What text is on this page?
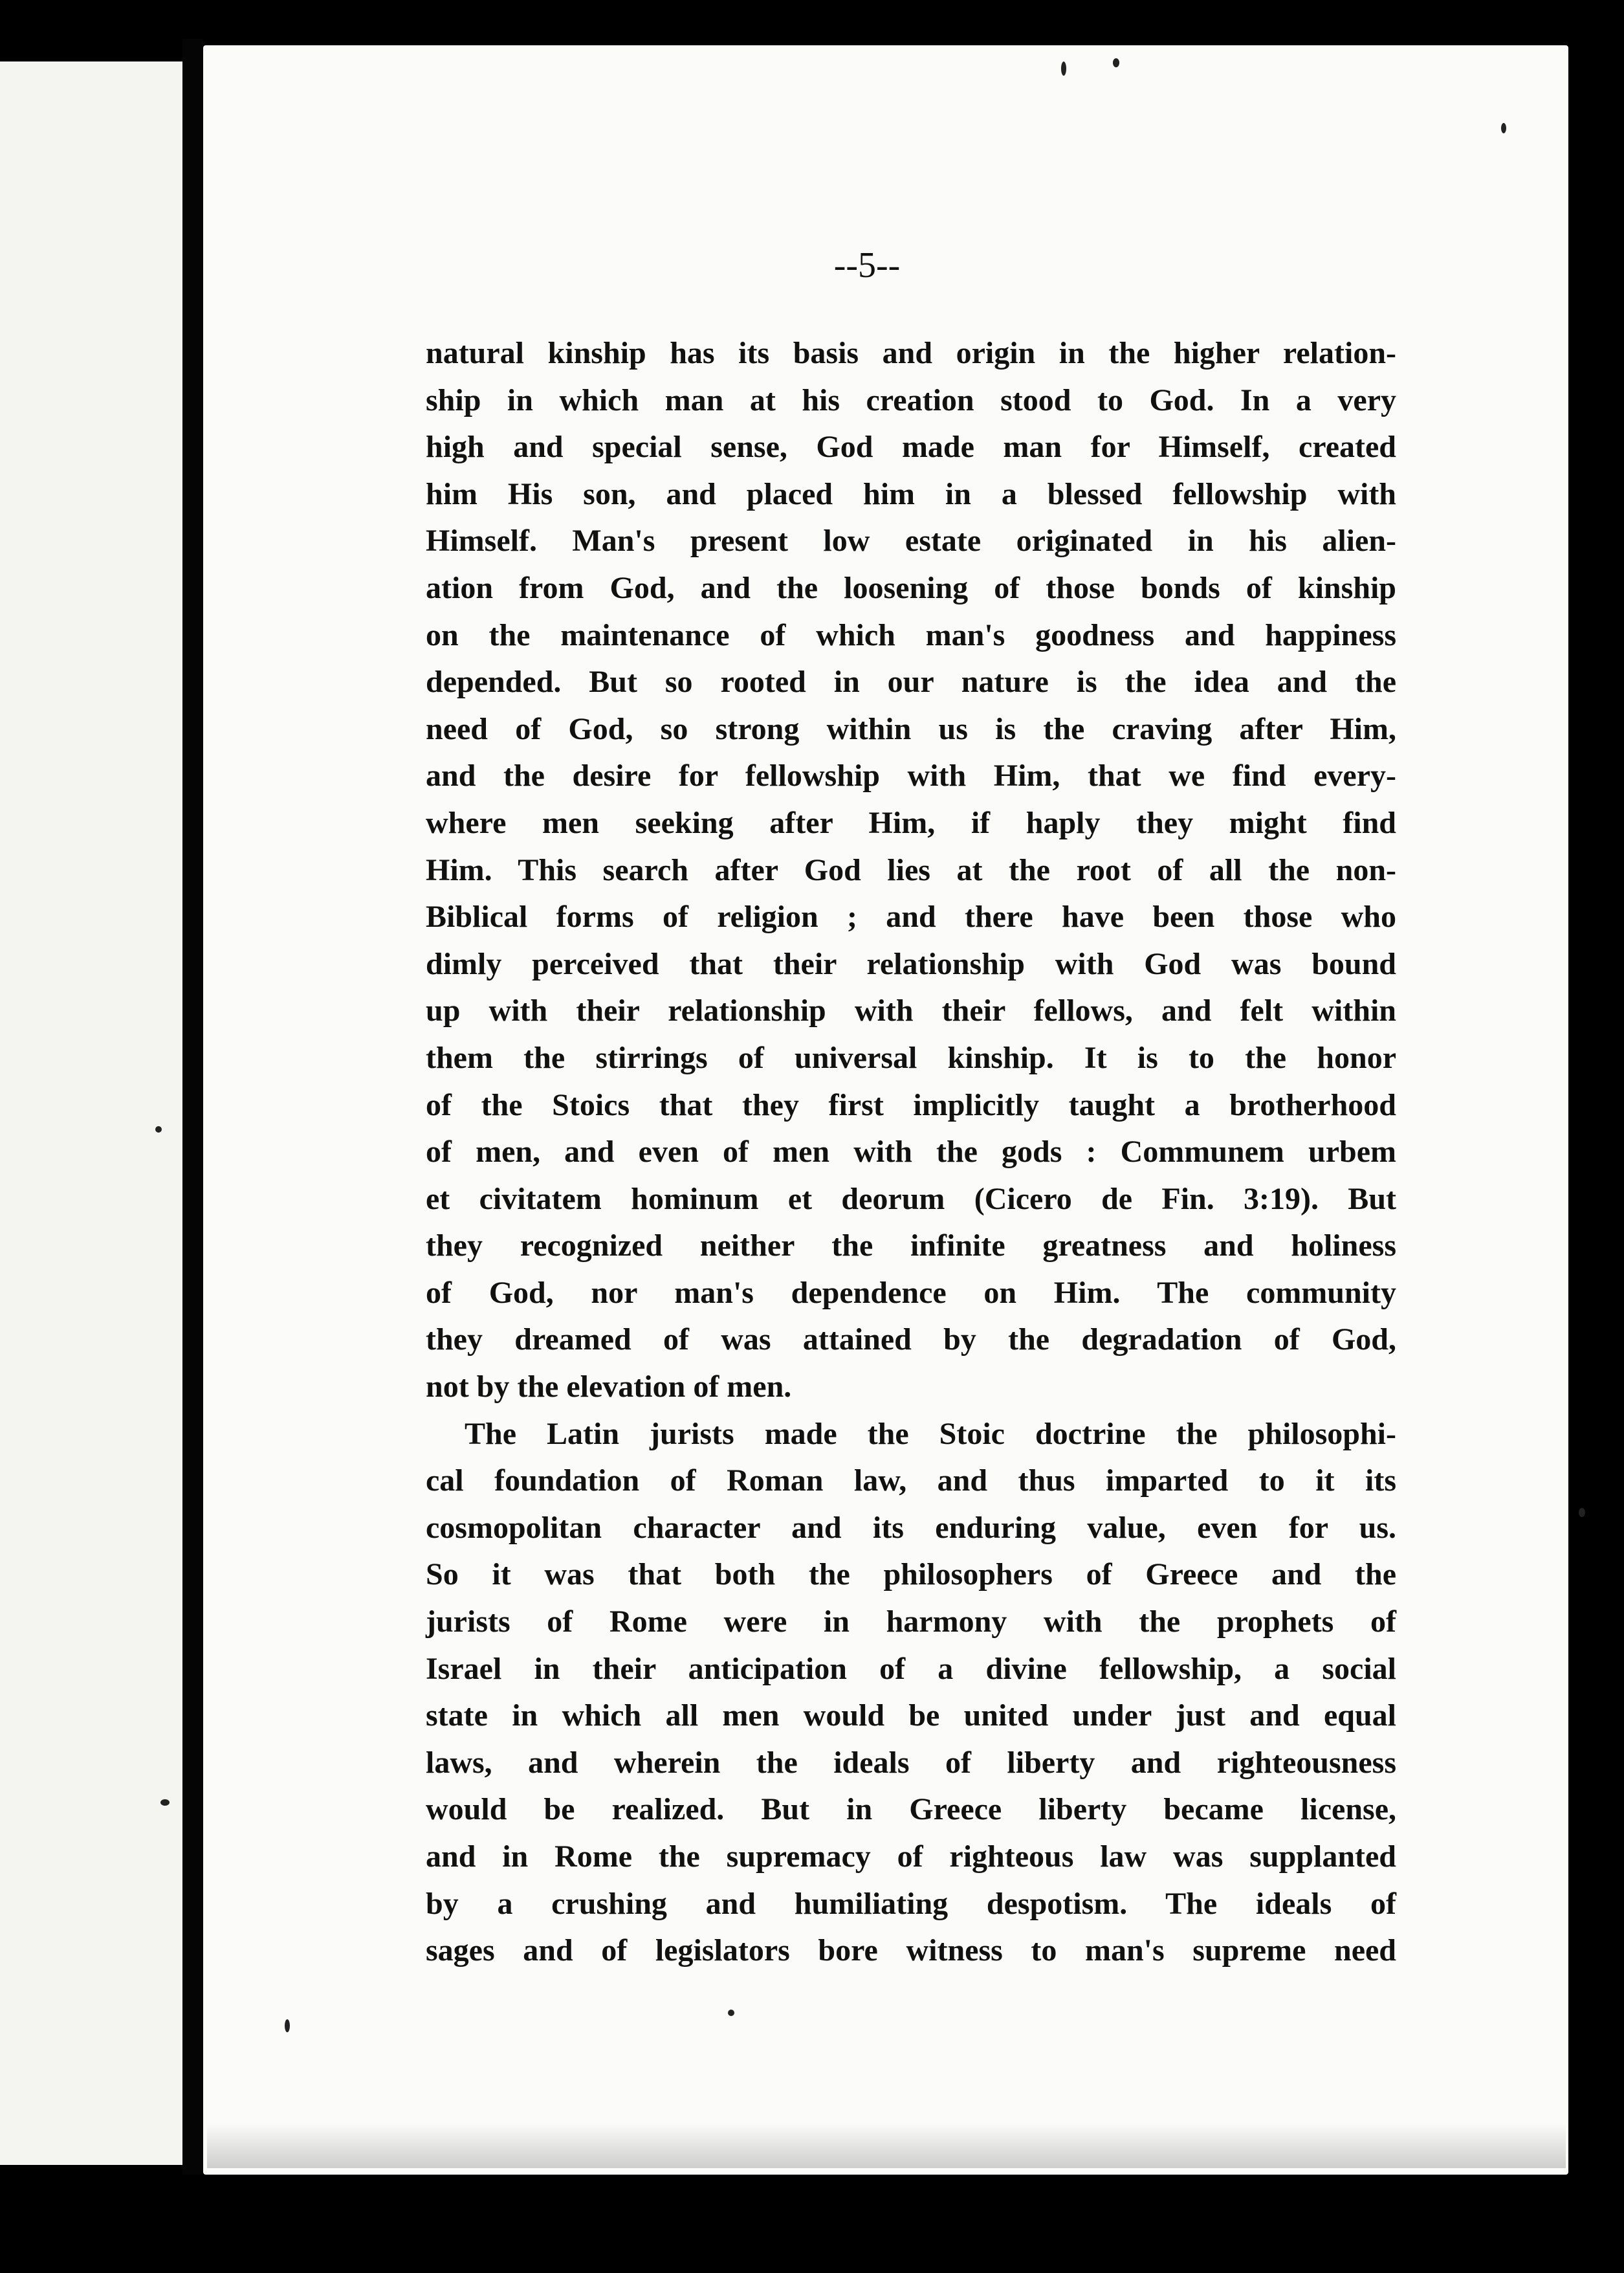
--5--
natural kinship has its basis and origin in the higher relation-
ship in which man at his creation stood to God. In a very
high and special sense, God made man for Himself, created
him His son, and placed him in a blessed fellowship with
Himself. Man's present low estate originated in his alien-
ation from God, and the loosening of those bonds of kinship
on the maintenance of which man's goodness and happiness
depended. But so rooted in our nature is the idea and the
need of God, so strong within us is the craving after Him,
and the desire for fellowship with Him, that we find every-
where men seeking after Him, if haply they might find
Him. This search after God lies at the root of all the non-
Biblical forms of religion ; and there have been those who
dimly perceived that their relationship with God was bound
up with their relationship with their fellows, and felt within
them the stirrings of universal kinship. It is to the honor
of the Stoics that they first implicitly taught a brotherhood
of men, and even of men with the gods : Communem urbem
et civitatem hominum et deorum (Cicero de Fin. 3:19). But
they recognized neither the infinite greatness and holiness
of God, nor man's dependence on Him. The community
they dreamed of was attained by the degradation of God,
not by the elevation of men.
The Latin jurists made the Stoic doctrine the philosophi-
cal foundation of Roman law, and thus imparted to it its
cosmopolitan character and its enduring value, even for us.
So it was that both the philosophers of Greece and the
jurists of Rome were in harmony with the prophets of
Israel in their anticipation of a divine fellowship, a social
state in which all men would be united under just and equal
laws, and wherein the ideals of liberty and righteousness
would be realized. But in Greece liberty became license,
and in Rome the supremacy of righteous law was supplanted
by a crushing and humiliating despotism. The ideals of
sages and of legislators bore witness to man's supreme need
